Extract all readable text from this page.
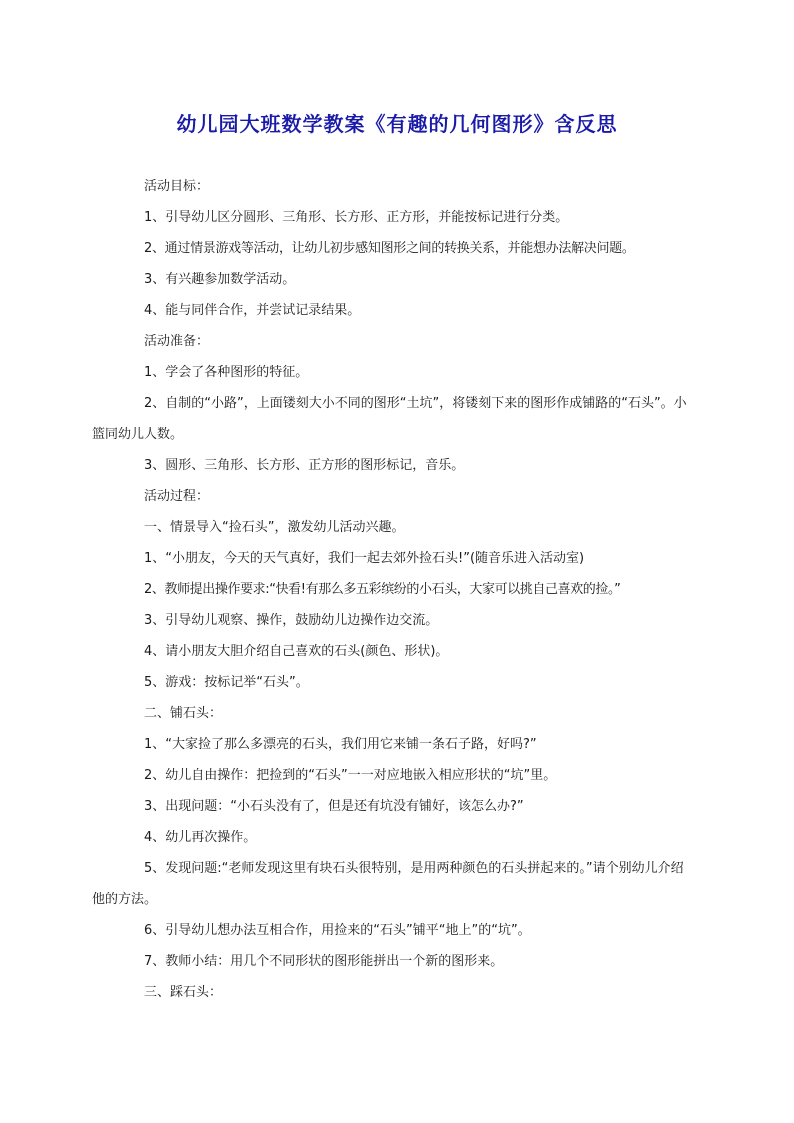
幼儿园大班数学教案《有趣的几何图形》含反思

活动目标：

1、引导幼儿区分圆形、三角形、长方形、正方形，并能按标记进行分类。

2、通过情景游戏等活动，让幼儿初步感知图形之间的转换关系，并能想办法解决问题。

3、有兴趣参加数学活动。

4、能与同伴合作，并尝试记录结果。

活动准备：

1、学会了各种图形的特征。

2、自制的“小路”，上面镂刻大小不同的图形“土坑”，将镂刻下来的图形作成铺路的“石头”。小篮同幼儿人数。

3、圆形、三角形、长方形、正方形的图形标记，音乐。

活动过程：

一、情景导入“捡石头”，激发幼儿活动兴趣。

1、“小朋友，今天的天气真好，我们一起去郊外捡石头!”(随音乐进入活动室)

2、教师提出操作要求:“快看!有那么多五彩缤纷的小石头，大家可以挑自己喜欢的捡。”

3、引导幼儿观察、操作，鼓励幼儿边操作边交流。

4、请小朋友大胆介绍自己喜欢的石头(颜色、形状)。

5、游戏：按标记举“石头”。

二、铺石头：

1、“大家捡了那么多漂亮的石头，我们用它来铺一条石子路，好吗?”

2、幼儿自由操作：把捡到的“石头”一一对应地嵌入相应形状的“坑”里。

3、出现问题：“小石头没有了，但是还有坑没有铺好，该怎么办?”

4、幼儿再次操作。

5、发现问题:“老师发现这里有块石头很特别，是用两种颜色的石头拼起来的。”请个别幼儿介绍他的方法。

6、引导幼儿想办法互相合作，用捡来的“石头”铺平“地上”的“坑”。

7、教师小结：用几个不同形状的图形能拼出一个新的图形来。

三、踩石头：
